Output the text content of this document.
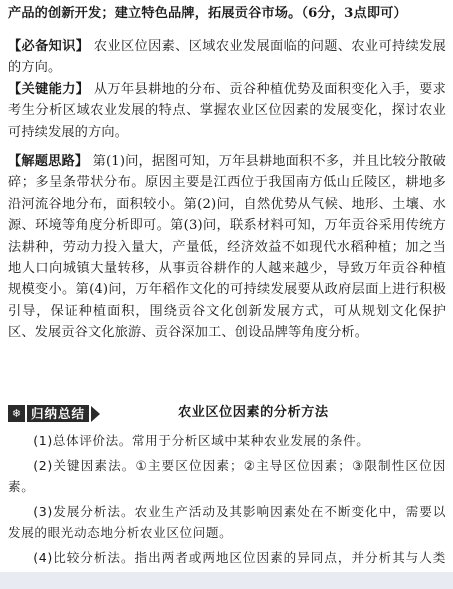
产品的创新开发；建立特色品牌，拓展贡谷市场。（6分，3点即可）

【必备知识】 农业区位因素、区域农业发展面临的问题、农业可持续发展的方向。

【关键能力】 从万年县耕地的分布、贡谷种植优势及面积变化入手，要求考生分析区域农业发展的特点、掌握农业区位因素的发展变化，探讨农业可持续发展的方向。

【解题思路】 第(1)问，据图可知，万年县耕地面积不多，并且比较分散破碎；多呈条带状分布。原因主要是江西位于我国南方低山丘陵区，耕地多沿河流谷地分布，面积较小。第(2)问，自然优势从气候、地形、土壤、水源、环境等角度分析即可。第(3)问，联系材料可知，万年贡谷采用传统方法耕种，劳动力投入量大，产量低，经济效益不如现代水稻种植；加之当地人口向城镇大量转移，从事贡谷耕作的人越来越少，导致万年贡谷种植规模变小。第(4)问，万年稻作文化的可持续发展要从政府层面上进行积极引导，保证种植面积，围绕贡谷文化创新发展方式，可从规划文化保护区、发展贡谷文化旅游、贡谷深加工、创设品牌等角度分析。

❄ 归纳总结	农业区位因素的分析方法

(1)总体评价法。常用于分析区域中某种农业发展的条件。

(2)关键因素法。①主要区位因素；②主导区位因素；③限制性区位因素。

(3)发展分析法。农业生产活动及其影响因素处在不断变化中，需要以发展的眼光动态地分析农业区位问题。

(4)比较分析法。指出两者或两地区位因素的异同点，并分析其与人类
